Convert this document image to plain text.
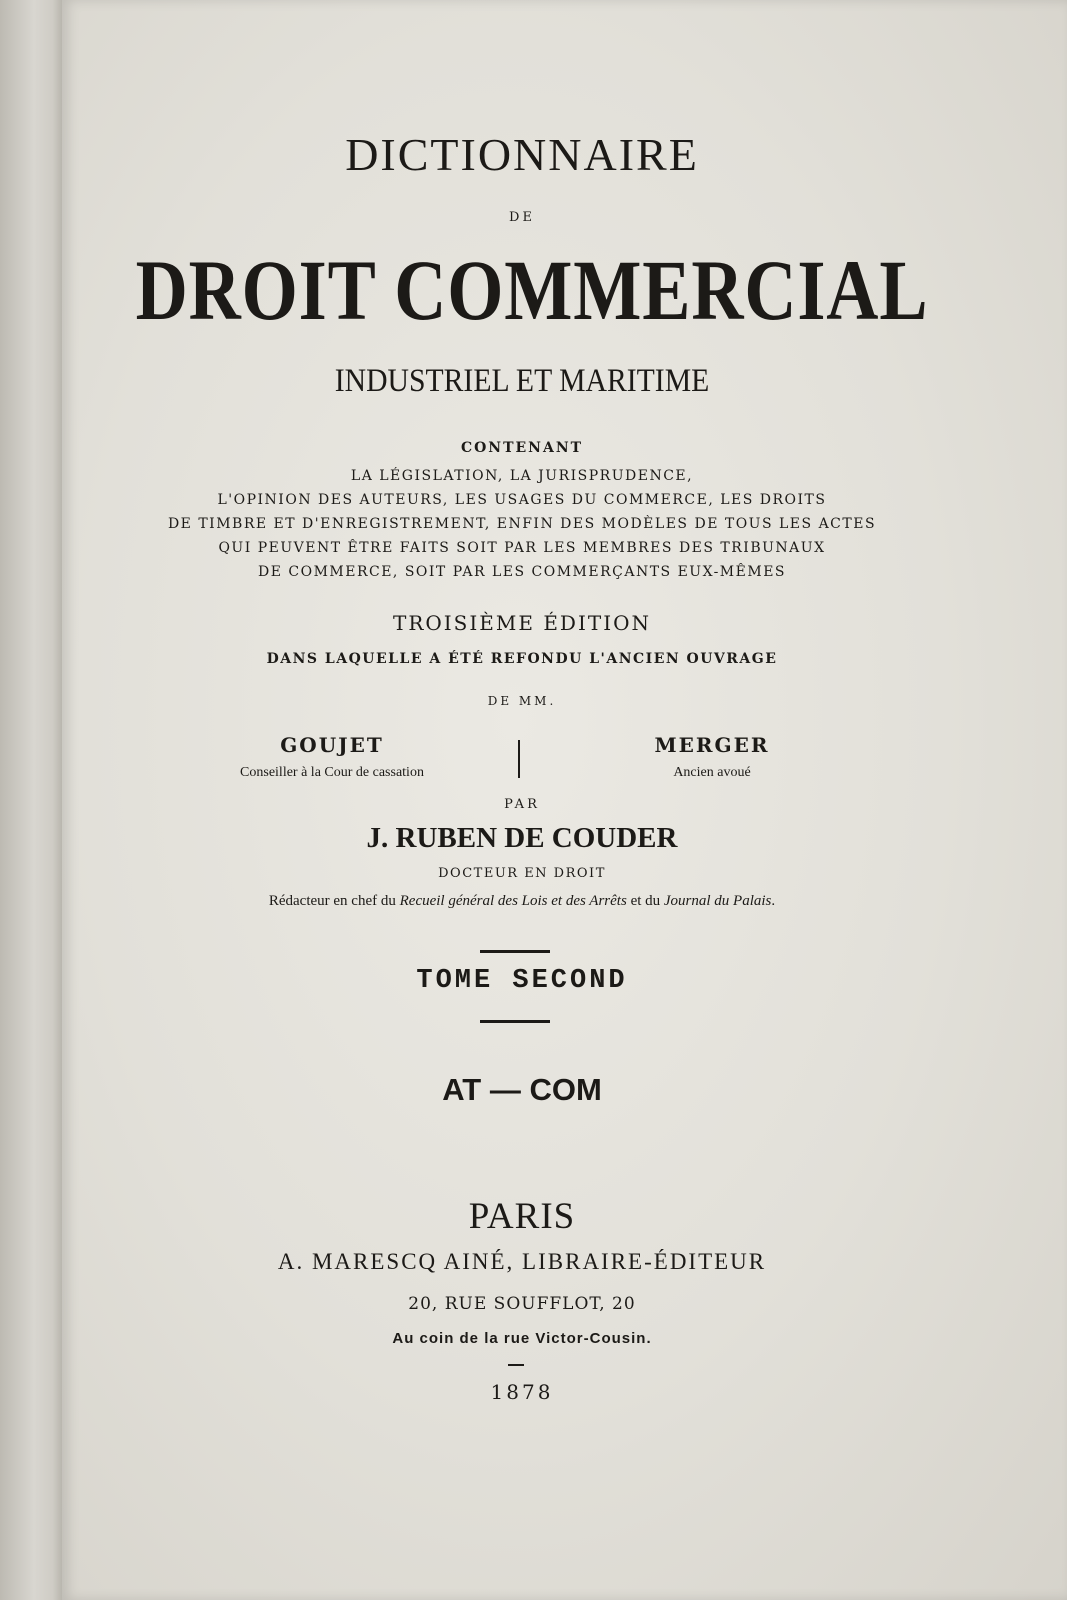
DICTIONNAIRE

DE

DROIT COMMERCIAL

INDUSTRIEL ET MARITIME

CONTENANT

LA LÉGISLATION, LA JURISPRUDENCE,

L'OPINION DES AUTEURS, LES USAGES DU COMMERCE, LES DROITS

DE TIMBRE ET D'ENREGISTREMENT, ENFIN DES MODÈLES DE TOUS LES ACTES

QUI PEUVENT ÊTRE FAITS SOIT PAR LES MEMBRES DES TRIBUNAUX

DE COMMERCE, SOIT PAR LES COMMERÇANTS EUX-MÊMES

TROISIÈME ÉDITION

DANS LAQUELLE A ÉTÉ REFONDU L'ANCIEN OUVRAGE

DE MM.

GOUJET
Conseiller à la Cour de cassation
MERGER
Ancien avoué

PAR

J. RUBEN DE COUDER

DOCTEUR EN DROIT

Rédacteur en chef du Recueil général des Lois et des Arrêts et du Journal du Palais.

TOME SECOND

AT — COM

PARIS

A. MARESCQ AINÉ, LIBRAIRE-ÉDITEUR

20, RUE SOUFFLOT, 20

Au coin de la rue Victor-Cousin.

1878
